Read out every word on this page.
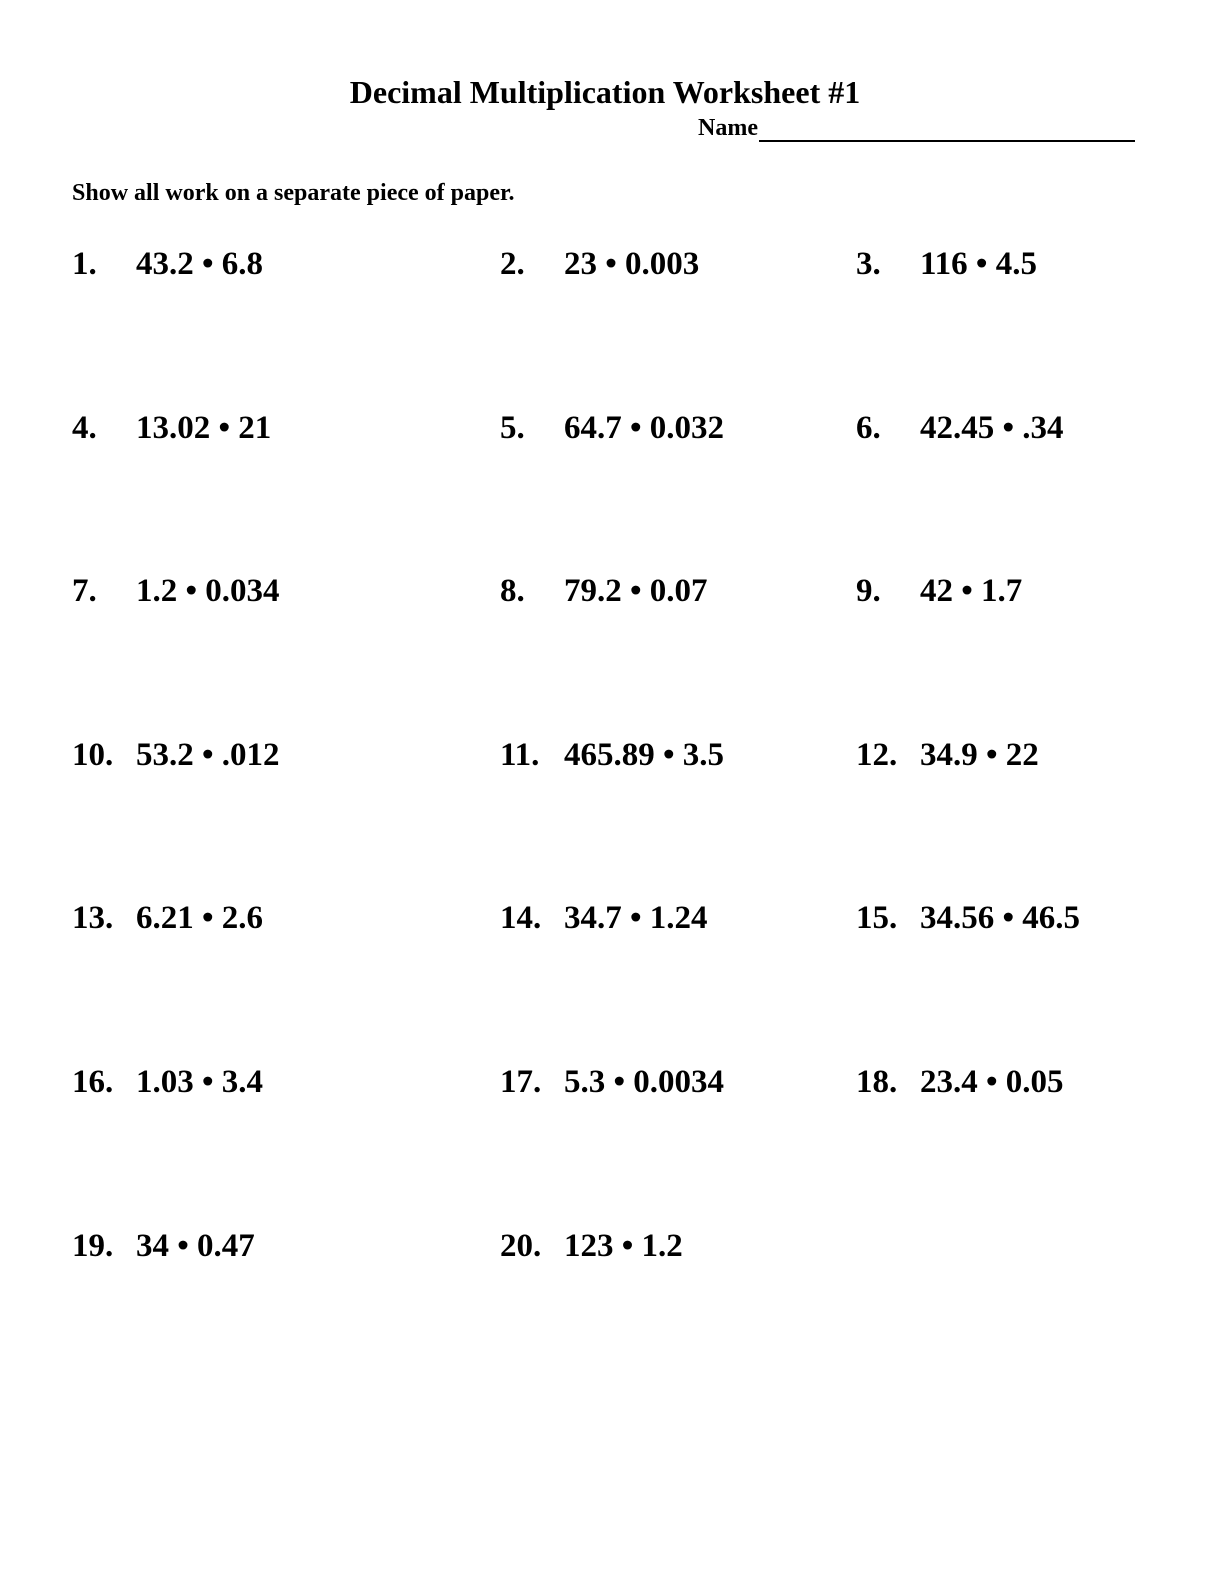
Decimal Multiplication Worksheet #1
Name
Show all work on a separate piece of paper.
1. 43.2 • 6.8	2. 23 • 0.003	3. 116 • 4.5
4. 13.02 • 21	5. 64.7 • 0.032	6. 42.45 • .34
7. 1.2 • 0.034	8. 79.2 • 0.07	9. 42 • 1.7
10. 53.2 • .012	11. 465.89 • 3.5	12. 34.9 • 22
13. 6.21 • 2.6	14. 34.7 • 1.24	15. 34.56 • 46.5
16. 1.03 • 3.4	17. 5.3 • 0.0034	18. 23.4 • 0.05
19. 34 • 0.47	20. 123 • 1.2
